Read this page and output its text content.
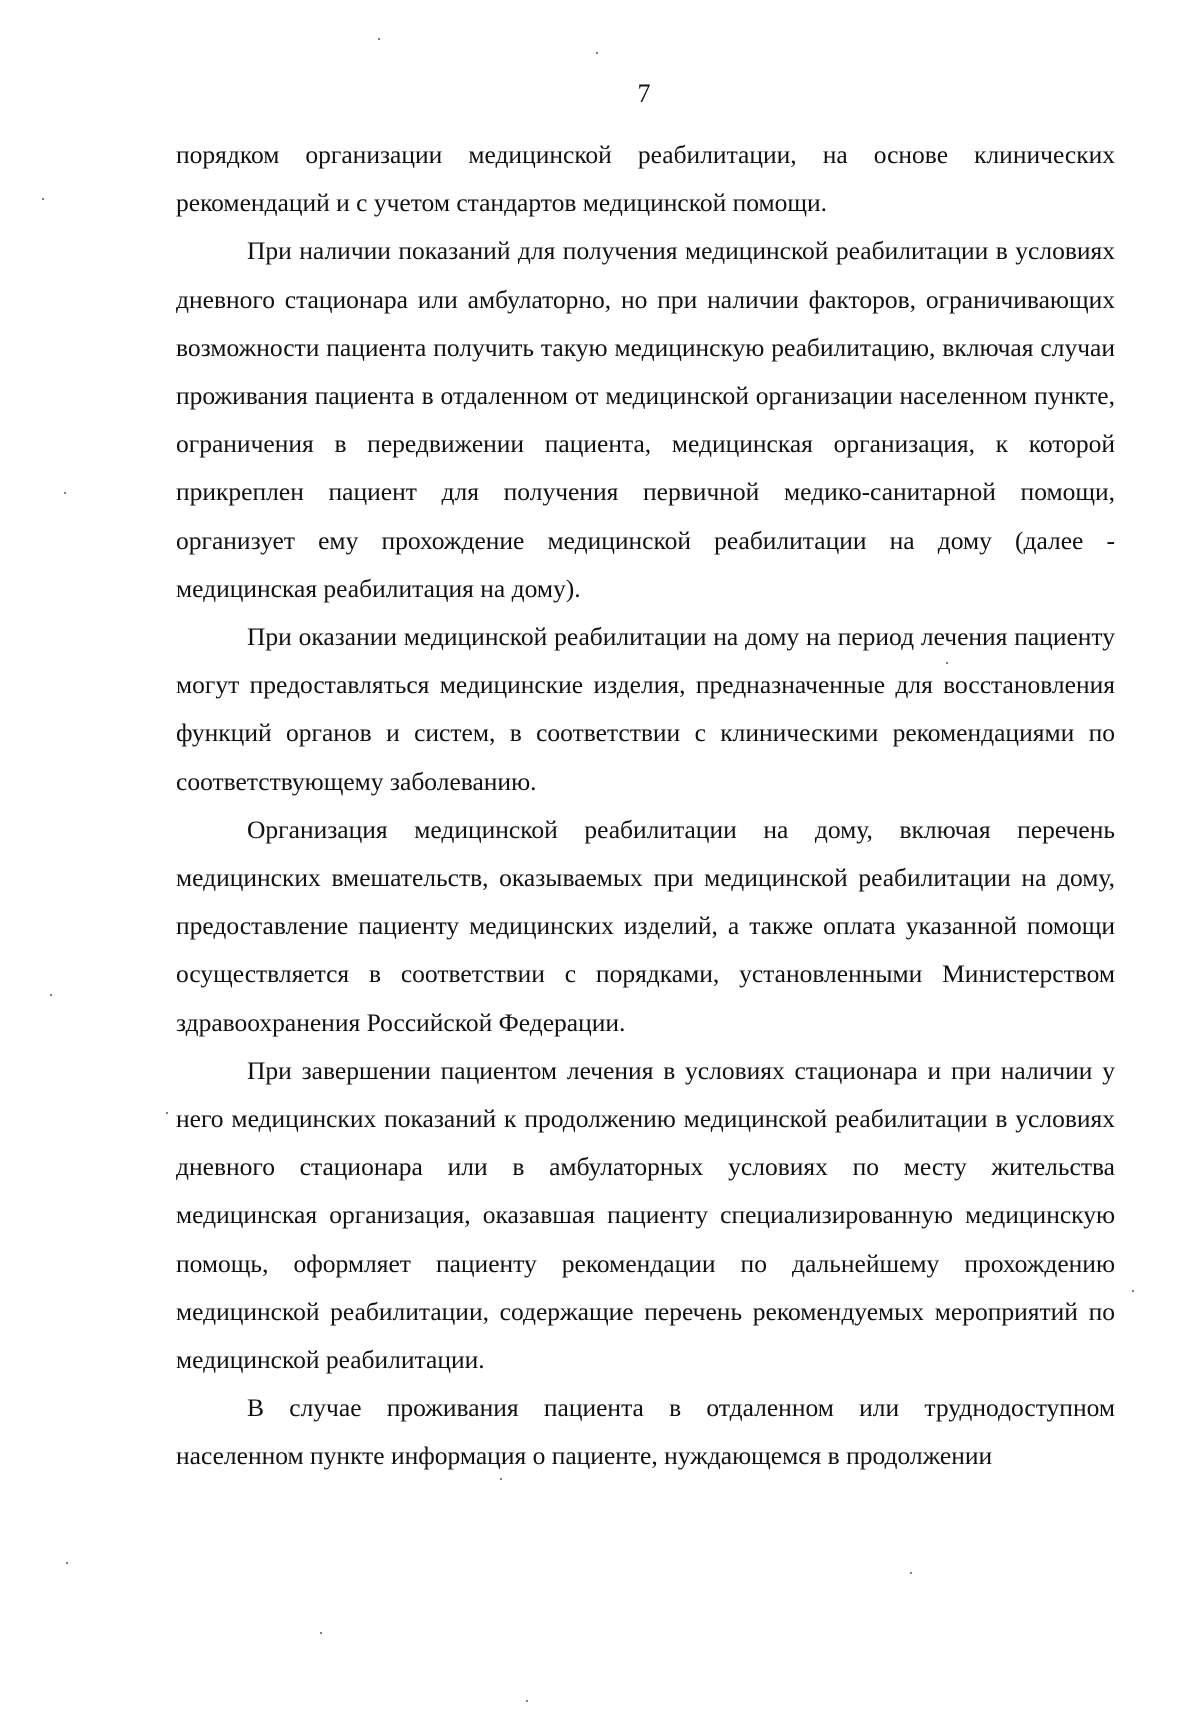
7

порядком организации медицинской реабилитации, на основе клинических рекомендаций и с учетом стандартов медицинской помощи.

При наличии показаний для получения медицинской реабилитации в условиях дневного стационара или амбулаторно, но при наличии факторов, ограничивающих возможности пациента получить такую медицинскую реабилитацию, включая случаи проживания пациента в отдаленном от медицинской организации населенном пункте, ограничения в передвижении пациента, медицинская организация, к которой прикреплен пациент для получения первичной медико-санитарной помощи, организует ему прохождение медицинской реабилитации на дому (далее - медицинская реабилитация на дому).

При оказании медицинской реабилитации на дому на период лечения пациенту могут предоставляться медицинские изделия, предназначенные для восстановления функций органов и систем, в соответствии с клиническими рекомендациями по соответствующему заболеванию.

Организация медицинской реабилитации на дому, включая перечень медицинских вмешательств, оказываемых при медицинской реабилитации на дому, предоставление пациенту медицинских изделий, а также оплата указанной помощи осуществляется в соответствии с порядками, установленными Министерством здравоохранения Российской Федерации.

При завершении пациентом лечения в условиях стационара и при наличии у него медицинских показаний к продолжению медицинской реабилитации в условиях дневного стационара или в амбулаторных условиях по месту жительства медицинская организация, оказавшая пациенту специализированную медицинскую помощь, оформляет пациенту рекомендации по дальнейшему прохождению медицинской реабилитации, содержащие перечень рекомендуемых мероприятий по медицинской реабилитации.

В случае проживания пациента в отдаленном или труднодоступном населенном пункте информация о пациенте, нуждающемся в продолжении
